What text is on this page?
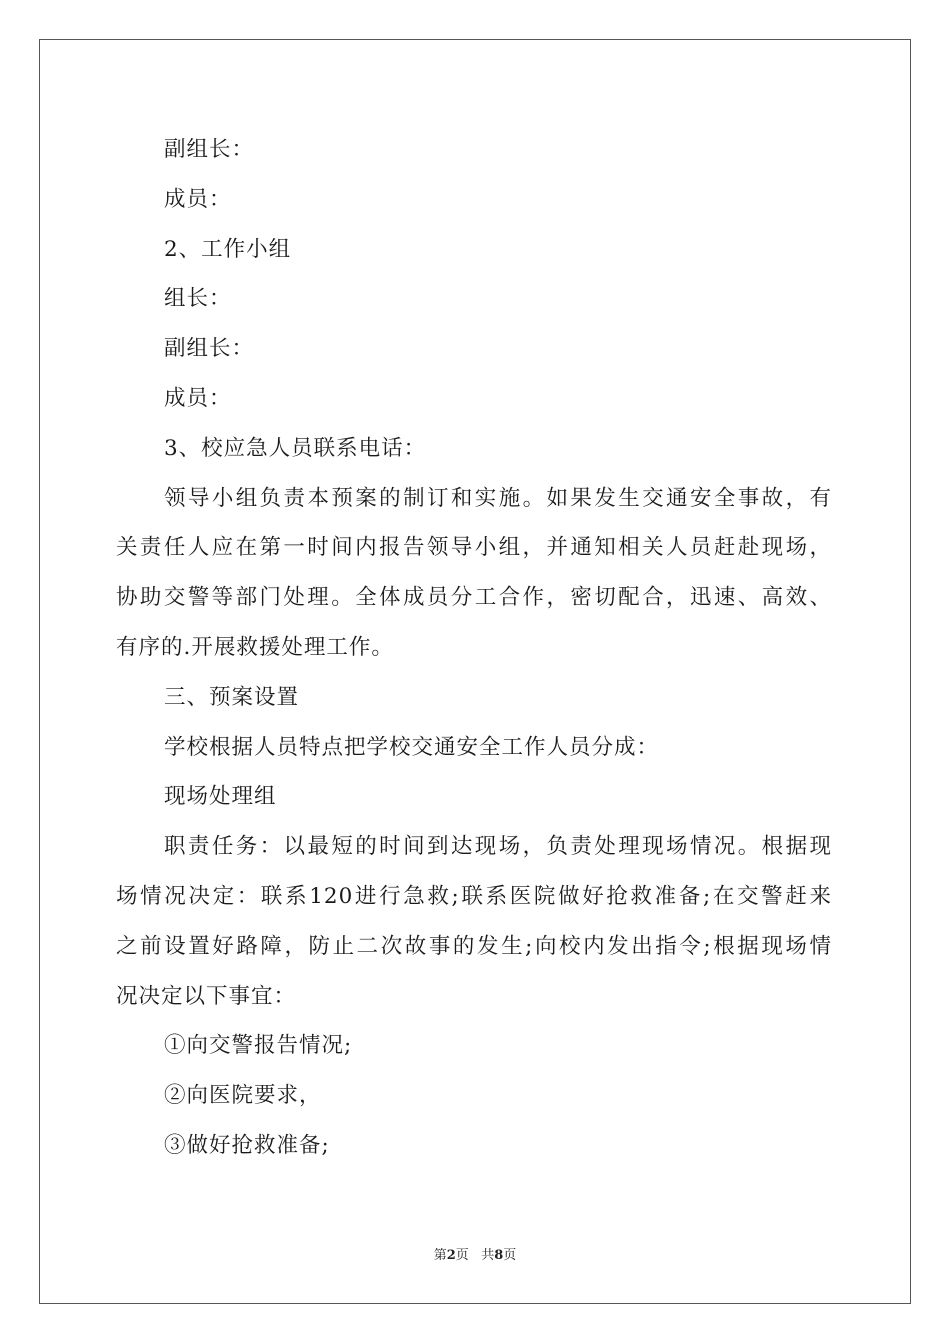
副组长：
成员：
2、工作小组
组长：
副组长：
成员：
3、校应急人员联系电话：
领导小组负责本预案的制订和实施。如果发生交通安全事故，有
关责任人应在第一时间内报告领导小组，并通知相关人员赶赴现场，
协助交警等部门处理。全体成员分工合作，密切配合，迅速、高效、
有序的.开展救援处理工作。
三、预案设置
学校根据人员特点把学校交通安全工作人员分成：
现场处理组
职责任务：以最短的时间到达现场，负责处理现场情况。根据现
场情况决定：联系120进行急救;联系医院做好抢救准备;在交警赶来
之前设置好路障，防止二次故事的发生;向校内发出指令;根据现场情
况决定以下事宜：
①向交警报告情况;
②向医院要求，
③做好抢救准备;
第2页 共8页
